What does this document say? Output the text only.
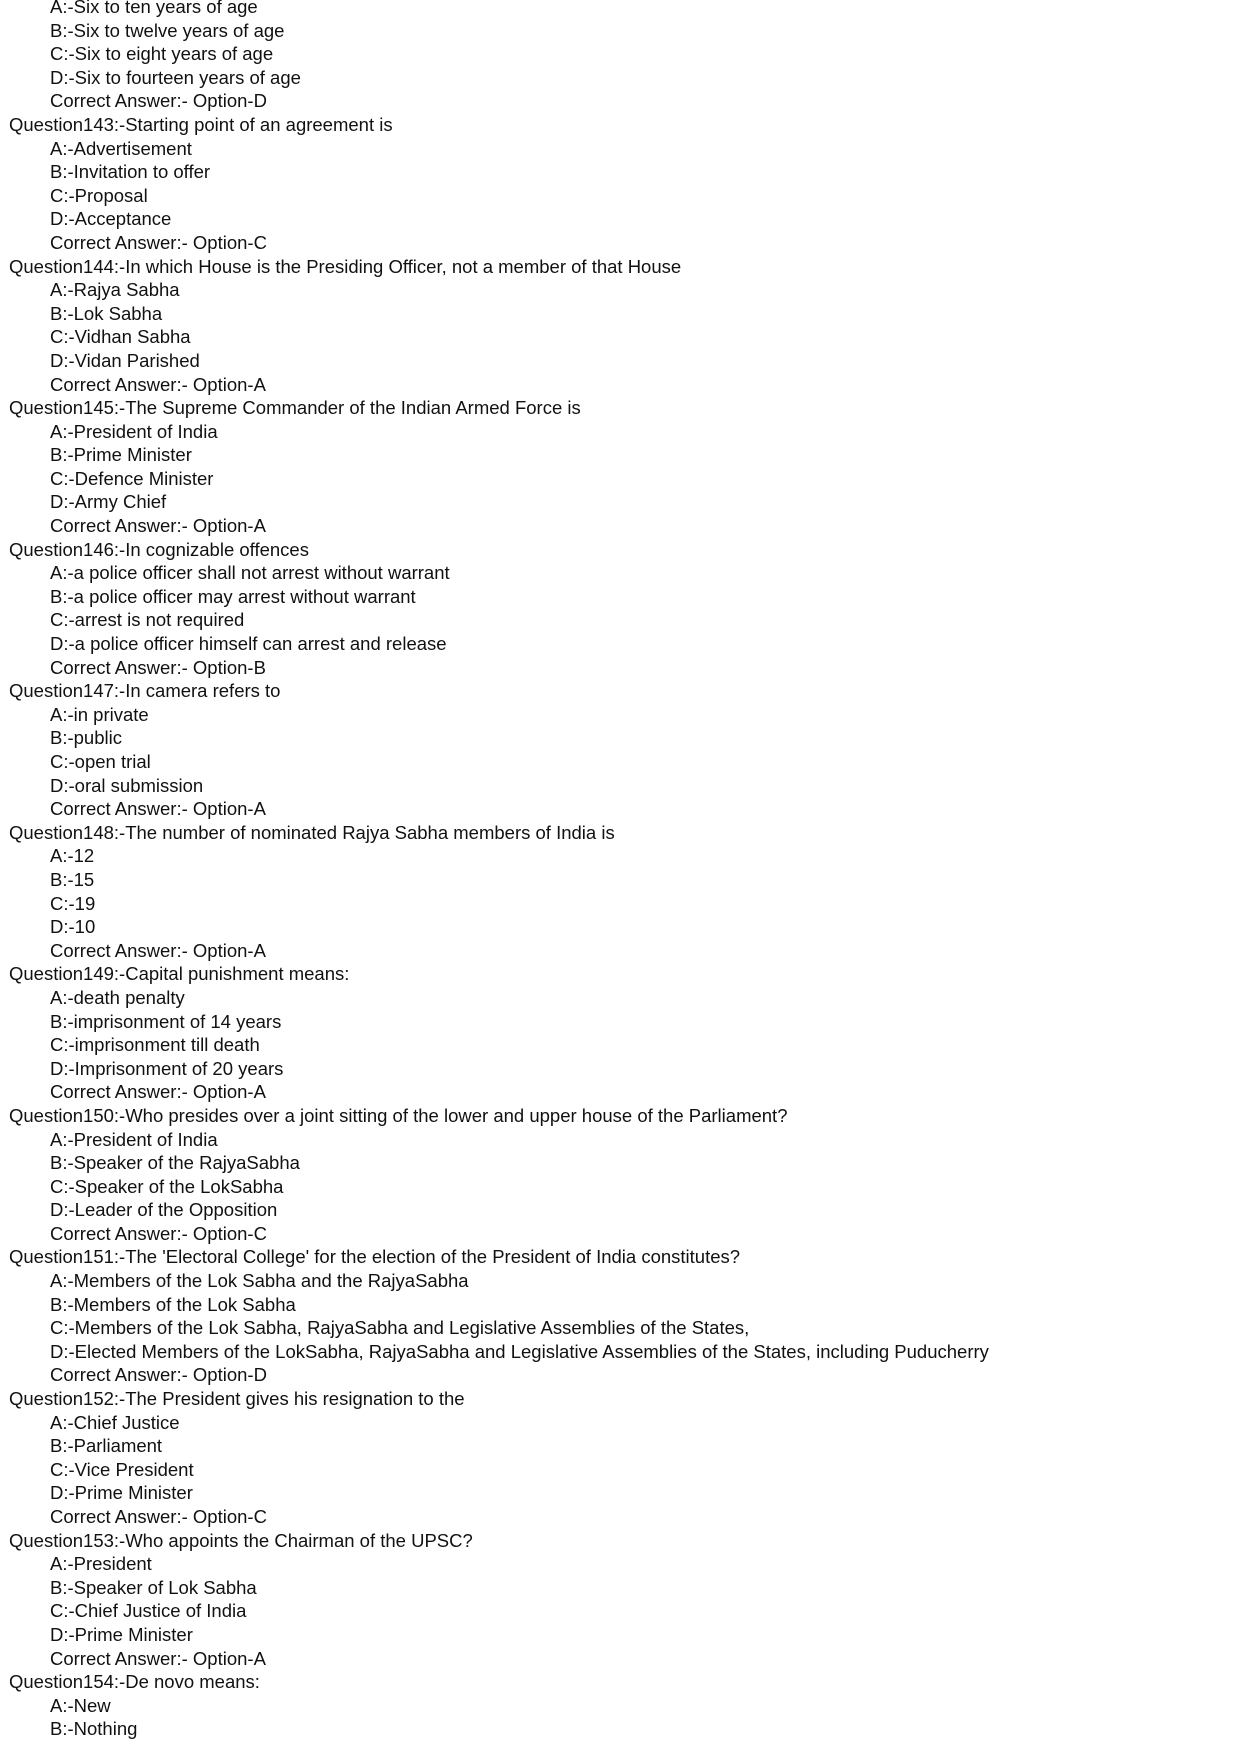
A:-Six to ten years of age
B:-Six to twelve years of age
C:-Six to eight years of age
D:-Six to fourteen years of age
Correct Answer:- Option-D
Question143:-Starting point of an agreement is
A:-Advertisement
B:-Invitation to offer
C:-Proposal
D:-Acceptance
Correct Answer:- Option-C
Question144:-In which House is the Presiding Officer, not a member of that House
A:-Rajya Sabha
B:-Lok Sabha
C:-Vidhan Sabha
D:-Vidan Parished
Correct Answer:- Option-A
Question145:-The Supreme Commander of the Indian Armed Force is
A:-President of India
B:-Prime Minister
C:-Defence Minister
D:-Army Chief
Correct Answer:- Option-A
Question146:-In cognizable offences
A:-a police officer shall not arrest without warrant
B:-a police officer may arrest without warrant
C:-arrest is not required
D:-a police officer himself can arrest and release
Correct Answer:- Option-B
Question147:-In camera refers to
A:-in private
B:-public
C:-open trial
D:-oral submission
Correct Answer:- Option-A
Question148:-The number of nominated Rajya Sabha members of India is
A:-12
B:-15
C:-19
D:-10
Correct Answer:- Option-A
Question149:-Capital punishment means:
A:-death penalty
B:-imprisonment of 14 years
C:-imprisonment till death
D:-Imprisonment of 20 years
Correct Answer:- Option-A
Question150:-Who presides over a joint sitting of the lower and upper house of the Parliament?
A:-President of India
B:-Speaker of the RajyaSabha
C:-Speaker of the LokSabha
D:-Leader of the Opposition
Correct Answer:- Option-C
Question151:-The 'Electoral College' for the election of the President of India constitutes?
A:-Members of the Lok Sabha and the RajyaSabha
B:-Members of the Lok Sabha
C:-Members of the Lok Sabha, RajyaSabha and Legislative Assemblies of the States,
D:-Elected Members of the LokSabha, RajyaSabha and Legislative Assemblies of the States, including Puducherry
Correct Answer:- Option-D
Question152:-The President gives his resignation to the
A:-Chief Justice
B:-Parliament
C:-Vice President
D:-Prime Minister
Correct Answer:- Option-C
Question153:-Who appoints the Chairman of the UPSC?
A:-President
B:-Speaker of Lok Sabha
C:-Chief Justice of India
D:-Prime Minister
Correct Answer:- Option-A
Question154:-De novo means:
A:-New
B:-Nothing
